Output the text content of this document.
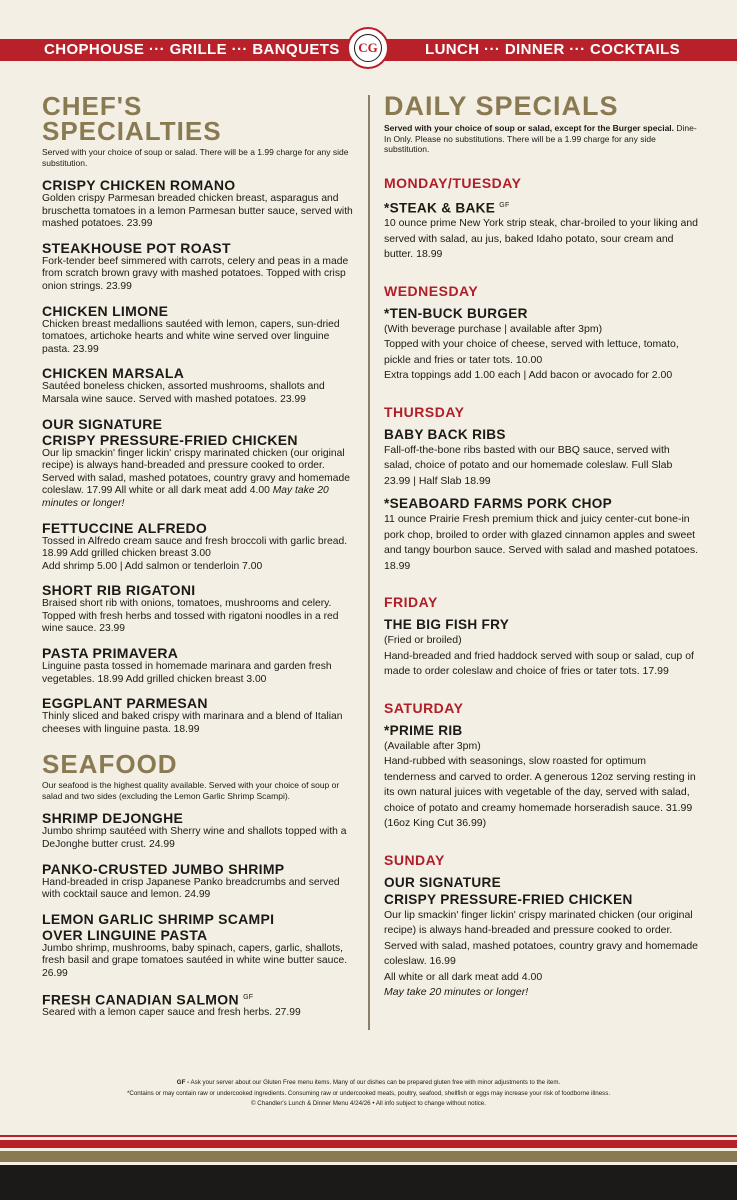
CHOPHOUSE ··· GRILLE ··· BANQUETS	LUNCH ··· DINNER ··· COCKTAILS
CG
CHEF'S
SPECIALTIES
Served with your choice of soup or salad. There will be a 1.99 charge for any side substitution.
CRISPY CHICKEN ROMANO
Golden crispy Parmesan breaded chicken breast, asparagus and bruschetta tomatoes in a lemon Parmesan butter sauce, served with mashed potatoes. 23.99
STEAKHOUSE POT ROAST
Fork-tender beef simmered with carrots, celery and peas in a made from scratch brown gravy with mashed potatoes. Topped with crisp onion strings. 23.99
CHICKEN LIMONE
Chicken breast medallions sautéed with lemon, capers, sun-dried tomatoes, artichoke hearts and white wine served over linguine pasta. 23.99
CHICKEN MARSALA
Sautéed boneless chicken, assorted mushrooms, shallots and Marsala wine sauce. Served with mashed potatoes. 23.99
OUR SIGNATURE
CRISPY PRESSURE-FRIED CHICKEN
Our lip smackin' finger lickin' crispy marinated chicken (our original recipe) is always hand-breaded and pressure cooked to order. Served with salad, mashed potatoes, country gravy and homemade coleslaw. 17.99 All white or all dark meat add 4.00 May take 20 minutes or longer!
FETTUCCINE ALFREDO
Tossed in Alfredo cream sauce and fresh broccoli with garlic bread. 18.99 Add grilled chicken breast 3.00
Add shrimp 5.00 | Add salmon or tenderloin 7.00
SHORT RIB RIGATONI
Braised short rib with onions, tomatoes, mushrooms and celery. Topped with fresh herbs and tossed with rigatoni noodles in a red wine sauce. 23.99
PASTA PRIMAVERA
Linguine pasta tossed in homemade marinara and garden fresh vegetables. 18.99 Add grilled chicken breast 3.00
EGGPLANT PARMESAN
Thinly sliced and baked crispy with marinara and a blend of Italian cheeses with linguine pasta. 18.99
SEAFOOD
Our seafood is the highest quality available. Served with your choice of soup or salad and two sides (excluding the Lemon Garlic Shrimp Scampi).
SHRIMP DEJONGHE
Jumbo shrimp sautéed with Sherry wine and shallots topped with a DeJonghe butter crust. 24.99
PANKO-CRUSTED JUMBO SHRIMP
Hand-breaded in crisp Japanese Panko breadcrumbs and served with cocktail sauce and lemon. 24.99
LEMON GARLIC SHRIMP SCAMPI
OVER LINGUINE PASTA
Jumbo shrimp, mushrooms, baby spinach, capers, garlic, shallots, fresh basil and grape tomatoes sautéed in white wine butter sauce. 26.99
FRESH CANADIAN SALMON $^{GF}$
Seared with a lemon caper sauce and fresh herbs. 27.99
DAILY SPECIALS
Served with your choice of soup or salad, except for the Burger special. Dine-In Only. Please no substitutions. There will be a 1.99 charge for any side substitution.
MONDAY/TUESDAY
*STEAK & BAKE $^{GF}$
10 ounce prime New York strip steak, char-broiled to your liking and served with salad, au jus, baked Idaho potato, sour cream and butter. 18.99
WEDNESDAY
*TEN-BUCK BURGER
(With beverage purchase | available after 3pm)
Topped with your choice of cheese, served with lettuce, tomato, pickle and fries or tater tots. 10.00
Extra toppings add 1.00 each | Add bacon or avocado for 2.00
THURSDAY
BABY BACK RIBS
Fall-off-the-bone ribs basted with our BBQ sauce, served with salad, choice of potato and our homemade coleslaw. Full Slab 23.99 | Half Slab 18.99
*SEABOARD FARMS PORK CHOP
11 ounce Prairie Fresh premium thick and juicy center-cut bone-in pork chop, broiled to order with glazed cinnamon apples and sweet and tangy bourbon sauce. Served with salad and mashed potatoes. 18.99
FRIDAY
THE BIG FISH FRY
(Fried or broiled)
Hand-breaded and fried haddock served with soup or salad, cup of made to order coleslaw and choice of fries or tater tots. 17.99
SATURDAY
*PRIME RIB
(Available after 3pm)
Hand-rubbed with seasonings, slow roasted for optimum tenderness and carved to order. A generous 12oz serving resting in its own natural juices with vegetable of the day, served with salad, choice of potato and creamy homemade horseradish sauce. 31.99 (16oz King Cut 36.99)
SUNDAY
OUR SIGNATURE
CRISPY PRESSURE-FRIED CHICKEN
Our lip smackin' finger lickin' crispy marinated chicken (our original recipe) is always hand-breaded and pressure cooked to order. Served with salad, mashed potatoes, country gravy and homemade coleslaw. 16.99
All white or all dark meat add 4.00
May take 20 minutes or longer!
GF - Ask your server about our Gluten Free menu items. Many of our dishes can be prepared gluten free with minor adjustments to the item.
*Contains or may contain raw or undercooked ingredients. Consuming raw or undercooked meats, poultry, seafood, shellfish or eggs may increase your risk of foodborne illness.
© Chandler's Lunch & Dinner Menu 4/24/26 • All info subject to change without notice.
